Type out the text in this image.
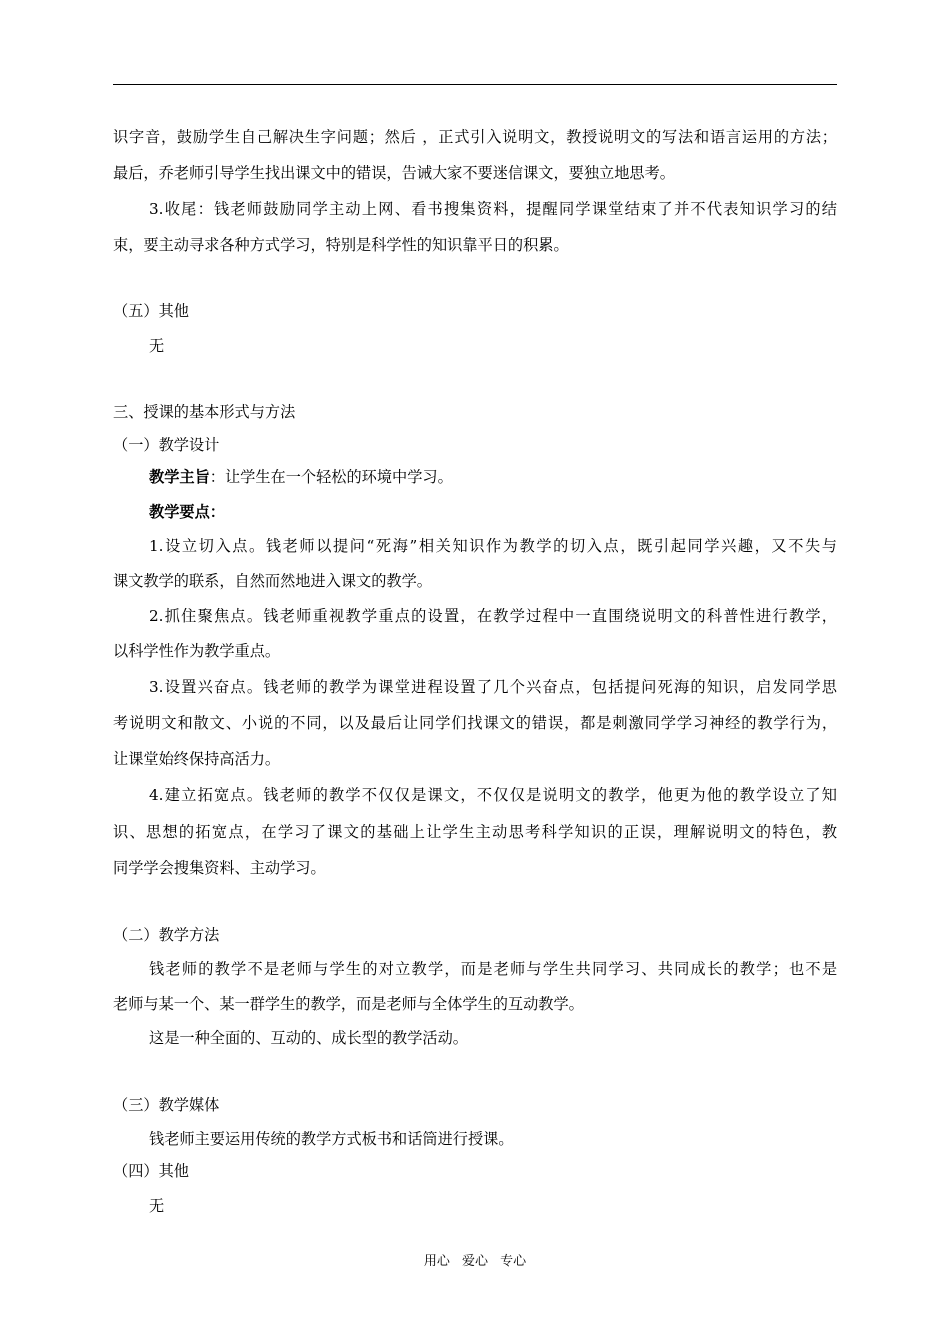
识字音，鼓励学生自己解决生字问题；然后 ，正式引入说明文，教授说明文的写法和语言运用的方法；
最后，乔老师引导学生找出课文中的错误，告诫大家不要迷信课文，要独立地思考。
3.收尾：钱老师鼓励同学主动上网、看书搜集资料，提醒同学课堂结束了并不代表知识学习的结
束，要主动寻求各种方式学习，特别是科学性的知识靠平日的积累。
（五）其他
无
三、授课的基本形式与方法
（一）教学设计
教学主旨：让学生在一个轻松的环境中学习。
教学要点：
1.设立切入点。钱老师以提问“死海”相关知识作为教学的切入点，既引起同学兴趣，又不失与
课文教学的联系，自然而然地进入课文的教学。
2.抓住聚焦点。钱老师重视教学重点的设置，在教学过程中一直围绕说明文的科普性进行教学，
以科学性作为教学重点。
3.设置兴奋点。钱老师的教学为课堂进程设置了几个兴奋点，包括提问死海的知识，启发同学思
考说明文和散文、小说的不同，以及最后让同学们找课文的错误，都是刺激同学学习神经的教学行为，
让课堂始终保持高活力。
4.建立拓宽点。钱老师的教学不仅仅是课文，不仅仅是说明文的教学，他更为他的教学设立了知
识、思想的拓宽点，在学习了课文的基础上让学生主动思考科学知识的正误，理解说明文的特色，教
同学学会搜集资料、主动学习。
（二）教学方法
钱老师的教学不是老师与学生的对立教学，而是老师与学生共同学习、共同成长的教学；也不是
老师与某一个、某一群学生的教学，而是老师与全体学生的互动教学。
这是一种全面的、互动的、成长型的教学活动。
（三）教学媒体
钱老师主要运用传统的教学方式板书和话筒进行授课。
（四）其他
无
用心 爱心 专心
